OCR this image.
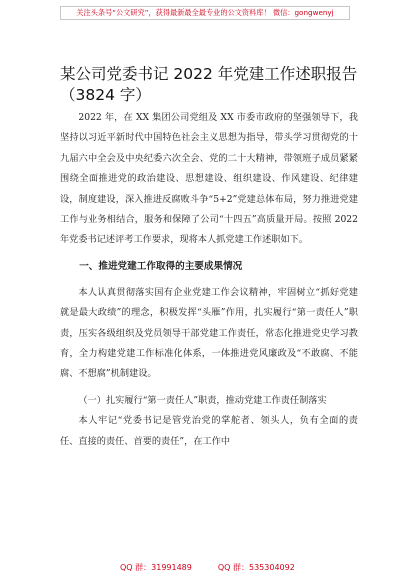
关注头条号“公文研究”，获得最新最全最专业的公文资料库！ 微信：gongwenyj
某公司党委书记 2022 年党建工作述职报告（3824 字）

2022 年，在 XX 集团公司党组及 XX 市委市政府的坚强领导下，我坚持以习近平新时代中国特色社会主义思想为指导，带头学习贯彻党的十九届六中全会及中央纪委六次全会、党的二十大精神，带领班子成员紧紧围绕全面推进党的政治建设、思想建设、组织建设、作风建设、纪律建设，制度建设，深入推进反腐败斗争“5+2”党建总体布局，努力推进党建工作与业务相结合，服务和保障了公司“十四五”高质量开局。按照 2022 年党委书记述评考工作要求，现将本人抓党建工作述职如下。

一、推进党建工作取得的主要成果情况

本人认真贯彻落实国有企业党建工作会议精神，牢固树立“抓好党建就是最大政绩”的理念，积极发挥“头雁”作用，扎实履行“第一责任人”职责，压实各级组织及党员领导干部党建工作责任，常态化推进党史学习教育，全力构建党建工作标准化体系，一体推进党风廉政及“不敢腐、不能腐、不想腐”机制建设。

（一）扎实履行“第一责任人”职责，推动党建工作责任制落实

本人牢记“党委书记是管党治党的掌舵者、领头人，负有全面的责任、直接的责任、首要的责任”，在工作中

QQ 群：31991489	QQ 群：535304092
